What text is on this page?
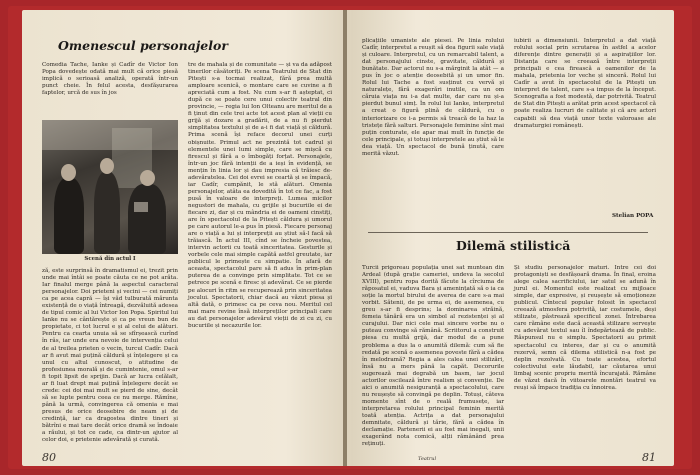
Omenescul personajelor
Comedia Tache, Ianke și Cadîr de Victor Ion Popa dovedește odată mai mult că orice piesă implică o serioasă analiză, operată într-un punct cheie. În felul acesta, desfășurarea faptelor, urcă de sus în jos
Scenă din actul I
ză, este surprinsă în dramatismul ei, trezit prin unde mai întâi se poate căuta ce ne pot arăta. Iar finalul merge până la aspectul caracteral personajelor. Doi prieteni și vecini — cei numiți ca pe acea capră — își văd tulburată mărunta existență de o viață întreagă, dezvăluită adesea de tipul comic al lui Victor Ion Popa. Spiritul lui Ianke nu se cântărește și ca pe vreun bun de propietate, ci tot lucrul e și al celui de alături. Pentru ca cearta unuia să se sfîrșească curînd în râs, iar unde era nevoie de intervenția celui de al treilea prieten o vecin, turcul Cadîr. Dacă ar fi avut mai puțină căldură și înțelegere și ca unul cu altul cunoscut, o atitudine de profesiunea morală și de cumintenie, omul s-ar fi topit lipsit de sprijin. Dacă ar lucra celălalt, ar fi luat drept mai puțină înțelegere decât se crede: cei doi mai mult se pierd de sine, decât să se lupte pentru ceea ce nu merge. Rămîne, până la urmă, convingerea că omenia e mai presus de orice deosebire de neam și de credință, iar ca dragostea dintre tineri și bătrîni e mai tare decât orice dramă se îndoaie a răului, și tot ce cade, ca dintr-un ajutor al celor doi, e prietenie adevărată și curată.
tre de mahala și de comunitate — și va da adăpost tinerilor căsătoriți. Pe scena Teatrului de Stat din Pitești s-a tocmai realizat, fără prea multă amploare scenică, o montare care se cuvine a fi apreciată cum a fost. Nu cum s-ar fi așteptat, ci după ce se poate cere unui colectiv teatral din provincie, — regia lui Ion Olteanu are meritul de a fi ținut din cele trei acte tot acest plan al vieții cu grijă și dozare a gradării, de a nu fi pierdut simplitatea textului și de a-i fi dat viață și căldură. Prima scenă își reface decorul unei curți obișnuite. Primul act ne prezintă tot cadrul și elementele unei lumi simple, care se mișcă cu firescul și fără a o îmbogăți forțat. Personajele, într-un joc fără intenții de a ieși în evidență, se mențin în linia lor și dau impresia că trăiesc de-adevăratelea. Cei doi evrei se ceartă și se împacă, iar Cadîr, cumpănit, le stă alături. Omenia personajelor, atâta ea dovedită în tot ce fac, a fost pusă în valoare de interpreți. Lumea micilor negustori de mahala, cu grijile și bucuriile ei de fiecare zi, dar și cu mândria ei de oameni cinstiți, are în spectacolul de la Pitești căldura și umorul pe care autorul le-a pus în piesă. Fiecare personaj are o viață a lui și interpreții au știut să-l facă să trăiască. În actul III, cînd se încheie povestea, intervin actorii cu toată sinceritatea. Gesturile și vorbele cele mai simple capătă astfel greutate, iar publicul le primește cu simpatie. În afară de aceasta, spectacolul pare să fi adus în prim-plan puterea de a convinge prin simplitate. Tot ce se petrece pe scenă e firesc și adevărat. Ce se pierde pe alocuri în ritm se recuperează prin sinceritatea jocului. Spectatorii, chiar dacă au văzut piesa și altă dată, o primesc ca pe ceva nou. Meritul cel mai mare revine însă interpreților principali care au dat personajelor adevărul vieții de zi cu zi, cu bucuriile și necazurile lor.
80
plicațiile umaniste ale piesei. Pe linia rolului Cadîr, interpretul a reușit să dea figurii sale viață și culoare. Interpretul, cu un remarcabil talent, a dat personajului cinste, gravitate, căldură și bunătate. Dar actorul nu s-a mărginit la atât — a pus în joc o atenție deosebită și un umor fin. Rolul lui Tache a fost susținut cu vervă și naturalețe, fără exagerări inutile, ca un om căruia viața nu i-a dat multe, dar care nu și-a pierdut bunul simț. În rolul lui Ianke, interpretul a creat o figură plină de căldură, cu o interiorizare ce i-a permis să treacă de la haz la tristețe fără salturi. Personajele feminine sînt mai puțin conturate, ele apar mai mult în funcție de cele principale, și totuși interpretele au știut să le dea viață. Un spectacol de bună ținută, care merită văzut.
iubirii a dimensiunii. Interpretul a dat viață rolului social prin scrutarea în astfel a acelor diferențe dintre generații și a aspirațiilor lor. Distanța care se creează între interpreții principali e cea firească a oamenilor de la mahala, prietenia lor veche și sinceră. Rolul lui Cadîr a avut în spectacolul de la Pitești un interpret de talent, care s-a impus de la început. Scenografia a fost modestă, dar potrivită. Teatrul de Stat din Pitești a arătat prin acest spectacol că poate realiza lucruri de calitate și că are actori capabili să dea viață unor texte valoroase ale dramaturgiei românești.
Stelian POPA
Dilemă stilistică
Turcii prigoreau populația unei sat muntean din Ardeal (după grație cameriei, undeva la secolul XVIII), pentru ropa dorită făcute la cîrciuma de răposatul ei, vaduva Bara și amenințată să o ia ca soție la mortul birului de averea de care s-a mai vorbit. Sătenii, de pe urma ei, de asemenea, cu greu s-ar fi desprins; la dominarea străină, femeia tânără era un simbol al rezistenței și al curajului. Dar nici cele mai sincere vorbe nu o puteau convinge să rămână. Scriitorul a construit piesa cu multă grijă, dar modul de a pune problema a dus la o anumită dilemă: cum să fie redată pe scenă o asemenea poveste fără a cădea în melodramă? Regia a ales calea unei stilizări, însă nu a mers până la capăt. Decorurile sugerează mai degrabă un basm, iar jocul actorilor oscilează între realism și convenție. De aici o anumită nesiguranță a spectacolului, care nu reușește să convingă pe deplin. Totuși, câteva momente sînt de o reală frumusețe, iar interpretarea rolului principal feminin merită toată atenția. Actrița a dat personajului demnitate, căldură și tărie, fără a cădea în declamație. Partenerii ei au fost mai inegali, unii exagerând nota comică, alții rămânând prea reținuți.
Și studiu personajelor maturi. Intre cei doi protagoniști se desfășoară drama. În final, eroina alege calea sacrificiului, iar satul se adună în jurul ei. Momentul este realizat cu mijloace simple, dar expresive, și reușește să emoționeze publicul. Cîntecul popular folosit în spectacol creează atmosfera potrivită, iar costumele, deși stilizate, păstrează specificul zonei. Întrebarea care rămâne este dacă această stilizare servește cu adevărat textul sau îl îndepărtează de public. Răspunsul nu e simplu. Spectatorii au primit spectacolul cu interes, dar și cu o anumită rezervă, semn că dilema stilistică n-a fost pe deplin rezolvată. Cu toate acestea, efortul colectivului este lăudabil, iar căutarea unui limbaj scenic propriu merită încurajată. Rămâne de văzut dacă în viitoarele montări teatrul va reuși să împace tradiția cu înnoirea.
Teatrul	81
